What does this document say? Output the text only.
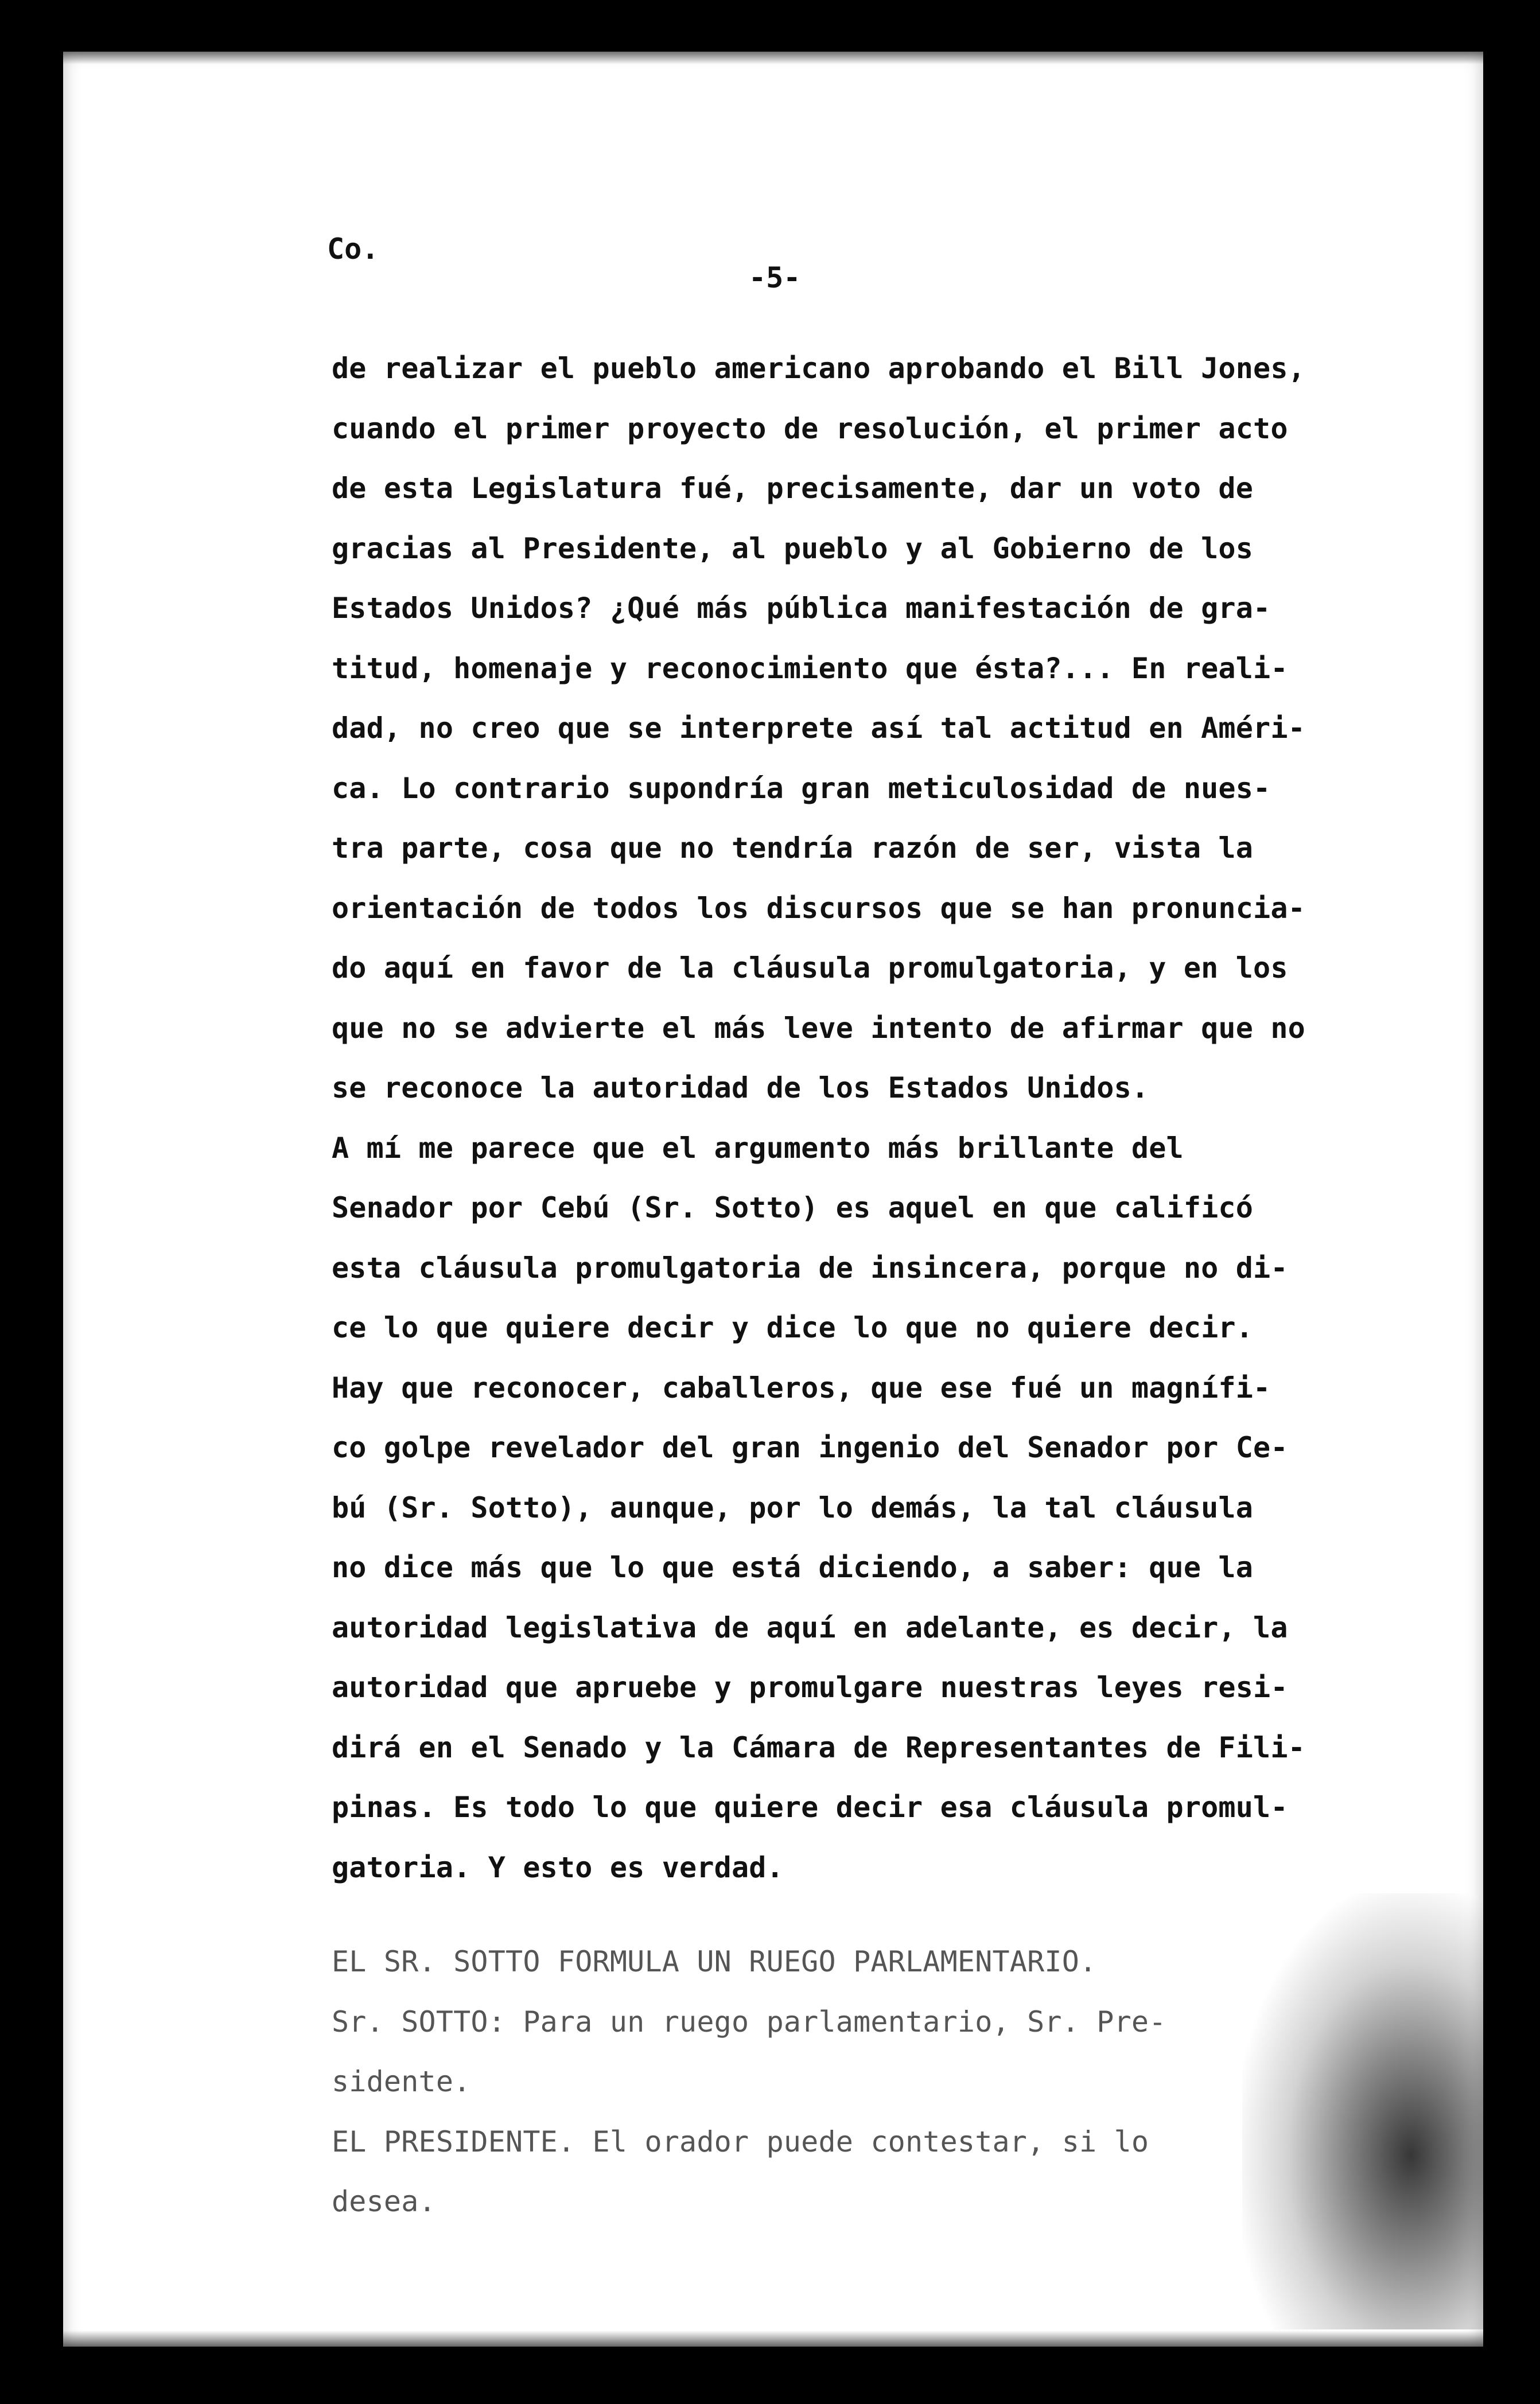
Co.

-5-

de realizar el pueblo americano aprobando el Bill Jones,
cuando el primer proyecto de resolución, el primer acto
de esta Legislatura fué, precisamente, dar un voto de
gracias al Presidente, al pueblo y al Gobierno de los
Estados Unidos? ¿Qué más pública manifestación de gra-
titud, homenaje y reconocimiento que ésta?... En reali-
dad, no creo que se interprete así tal actitud en Améri-
ca. Lo contrario supondría gran meticulosidad de nues-
tra parte, cosa que no tendría razón de ser, vista la
orientación de todos los discursos que se han pronuncia-
do aquí en favor de la cláusula promulgatoria, y en los
que no se advierte el más leve intento de afirmar que no
se reconoce la autoridad de los Estados Unidos.
A mí me parece que el argumento más brillante del
Senador por Cebú (Sr. Sotto) es aquel en que calificó
esta cláusula promulgatoria de insincera, porque no di-
ce lo que quiere decir y dice lo que no quiere decir.
Hay que reconocer, caballeros, que ese fué un magnífi-
co golpe revelador del gran ingenio del Senador por Ce-
bú (Sr. Sotto), aunque, por lo demás, la tal cláusula
no dice más que lo que está diciendo, a saber: que la
autoridad legislativa de aquí en adelante, es decir, la
autoridad que apruebe y promulgare nuestras leyes resi-
dirá en el Senado y la Cámara de Representantes de Fili-
pinas. Es todo lo que quiere decir esa cláusula promul-
gatoria. Y esto es verdad.
EL SR. SOTTO FORMULA UN RUEGO PARLAMENTARIO.
Sr. SOTTO: Para un ruego parlamentario, Sr. Pre-
sidente.
EL PRESIDENTE. El orador puede contestar, si lo
desea.
